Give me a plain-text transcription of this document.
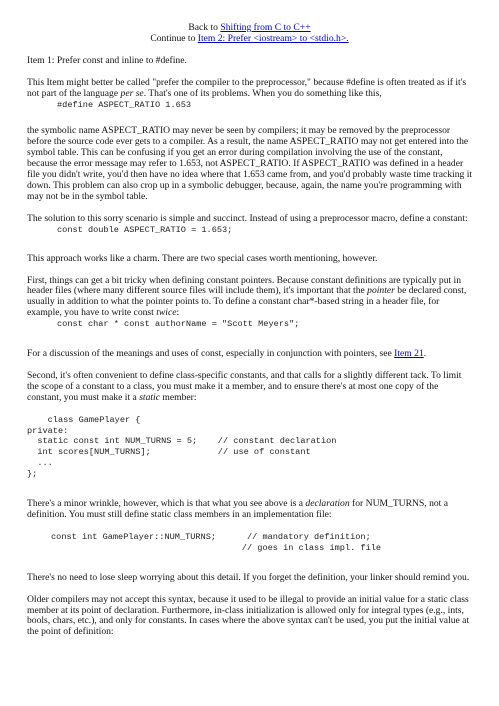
Back to Shifting from C to C++
Continue to Item 2: Prefer <iostream> to <stdio.h>.
Item 1: Prefer const and inline to #define.
This Item might better be called "prefer the compiler to the preprocessor," because #define is often treated as if it's not part of the language per se. That's one of its problems. When you do something like this,
#define ASPECT_RATIO 1.653
the symbolic name ASPECT_RATIO may never be seen by compilers; it may be removed by the preprocessor before the source code ever gets to a compiler. As a result, the name ASPECT_RATIO may not get entered into the symbol table. This can be confusing if you get an error during compilation involving the use of the constant, because the error message may refer to 1.653, not ASPECT_RATIO. If ASPECT_RATIO was defined in a header file you didn't write, you'd then have no idea where that 1.653 came from, and you'd probably waste time tracking it down. This problem can also crop up in a symbolic debugger, because, again, the name you're programming with may not be in the symbol table.
The solution to this sorry scenario is simple and succinct. Instead of using a preprocessor macro, define a constant:
const double ASPECT_RATIO = 1.653;
This approach works like a charm. There are two special cases worth mentioning, however.
First, things can get a bit tricky when defining constant pointers. Because constant definitions are typically put in header files (where many different source files will include them), it's important that the pointer be declared const, usually in addition to what the pointer points to. To define a constant char*-based string in a header file, for example, you have to write const twice:
const char * const authorName = "Scott Meyers";
For a discussion of the meanings and uses of const, especially in conjunction with pointers, see Item 21.
Second, it's often convenient to define class-specific constants, and that calls for a slightly different tack. To limit the scope of a constant to a class, you must make it a member, and to ensure there's at most one copy of the constant, you must make it a static member:
class GamePlayer {
private:
static const int NUM_TURNS = 5;    // constant declaration
int scores[NUM_TURNS];             // use of constant
...
};
There's a minor wrinkle, however, which is that what you see above is a declaration for NUM_TURNS, not a definition. You must still define static class members in an implementation file:
const int GamePlayer::NUM_TURNS;      // mandatory definition;
// goes in class impl. file
There's no need to lose sleep worrying about this detail. If you forget the definition, your linker should remind you.
Older compilers may not accept this syntax, because it used to be illegal to provide an initial value for a static class member at its point of declaration. Furthermore, in-class initialization is allowed only for integral types (e.g., ints, bools, chars, etc.), and only for constants. In cases where the above syntax can't be used, you put the initial value at the point of definition:
